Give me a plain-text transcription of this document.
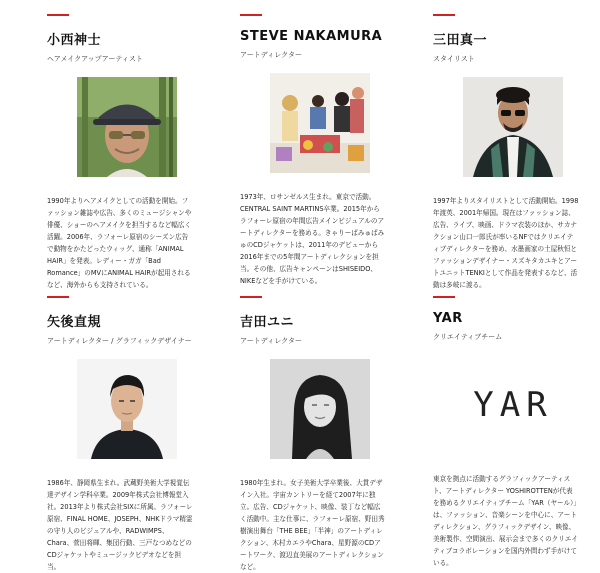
小西神士
ヘアメイクアップアーティスト
1990年よりヘアメイクとしての活動を開始。ファッション雑誌や広告、多くのミュージシャンや俳優、ショーのヘアメイクを担当するなど幅広く活躍。2006年、ラフォーレ原宿のシーズン広告で動物をかたどったウィッグ、通称「ANIMAL HAIR」を発表。レディー・ガガ「Bad Romance」のMVにANIMAL HAIRが起用されるなど、海外からも支持されている。
STEVE NAKAMURA
アートディレクター
1973年、ロサンゼルス生まれ。東京で活動。CENTRAL SAINT MARTINS卒業。2015年からラフォーレ原宿の年間広告メインビジュアルのアートディレクターを務める。きゃりーぱみゅぱみゅのCDジャケットは、2011年のデビューから2016年までの5年間アートディレクションを担当。その他、広告キャンペーンはSHISEIDO、NIKEなどを手がけている。
三田真一
スタイリスト
1997年よりスタイリストとして活動開始。1998年渡英、2001年帰国。現在はファッション誌、広告、ライブ、映画、ドラマ衣装のほか、サカナクション山口一郎氏が率いるNFではクリエイティブディレクターを務め、水墨画家の土屋秋恒とファッションデザイナー・スズキタカユキとアートユニットTENKIとして作品を発表するなど、活動は多岐に渡る。
矢後直規
アートディレクター / グラフィックデザイナー
1986年、静岡県生まれ。武蔵野美術大学視覚伝達デザイン学科卒業。2009年株式会社博報堂入社。2013年より株式会社SIXに所属。ラフォーレ原宿、FINAL HOME、JOSEPH、NHKドラマ精霊の守り人のビジュアルや、RADWIMPS、Chara、菅田将暉、集団行動、三戸なつめなどのCDジャケットやミュージックビデオなどを担当。
吉田ユニ
アートディレクター
1980年生まれ。女子美術大学卒業後、大貫デザイン入社。宇宙カントリーを経て2007年に独立。広告、CDジャケット、映像、装丁など幅広く活動中。主な仕事に、ラフォーレ原宿、野田秀樹演出舞台「THE BEE」「半神」のアートディレクション、木村カエラやChara、星野源のCDアートワーク、渡辺直美展のアートディレクションなど。
YAR
クリエイティブチーム
YAR
東京を拠点に活動するグラフィックアーティスト、アートディレクター YOSHIROTTENが代表を務めるクリエイティブチーム「YAR（ヤール）」は、ファッション、音楽シーンを中心に、アートディレクション、グラフィックデザイン、映像、美術製作、空間演出、展示会まで多くのクリエイティブコラボレーションを国内外問わず手がけている。
